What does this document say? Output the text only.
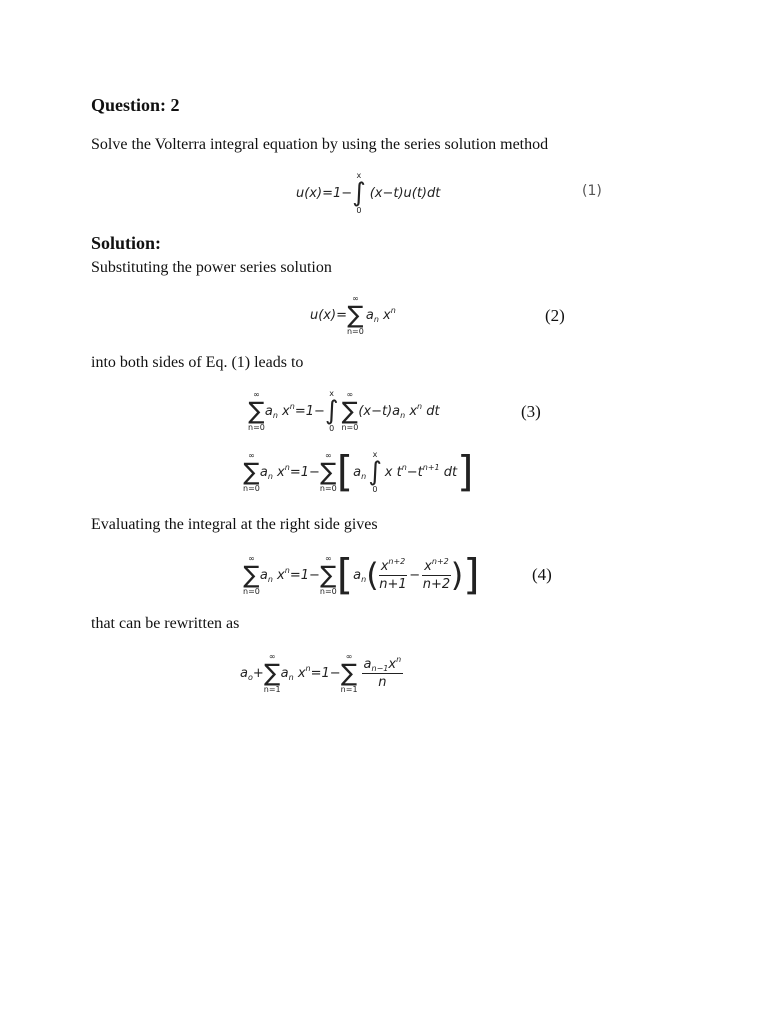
Question: 2
Solve the Volterra integral equation by using the series solution method
u(x)=1−
x
∫
0
(x−t)u(t)dt	(1)
Solution:
Substituting the power series solution
u(x)=
∞
∑
n=0
$a_n$ $x^n$	(2)
into both sides of Eq. (1) leads to
∞
∑
n=0
$a_n$ $x^n =1-$
x
∫
0
∞
∑
n=0
$(x-t)a_n$ $x^n$ dt	(3)
∞
∑
n=0
$a_n$ $x^n =1-$
∞
∑
n=0 [ $a_n$
x
∫
0
x $t^n-t^{n+1}$ dt ]
Evaluating the integral at the right side gives
∞
∑
n=0
$a_n$ $x^n =1-$
∞
∑
n=0 [ $a_n$ ( $\frac{x^{n+2}}{n+1} - \frac{x^{n+2}}{n+2}$ ) ]	(4)
that can be rewritten as
$a_o+$
∞
∑
n=1
$a_n$ $x^n =1-$
∞
∑
$n=1 \frac{a_{n-1}x^n}{n}$
